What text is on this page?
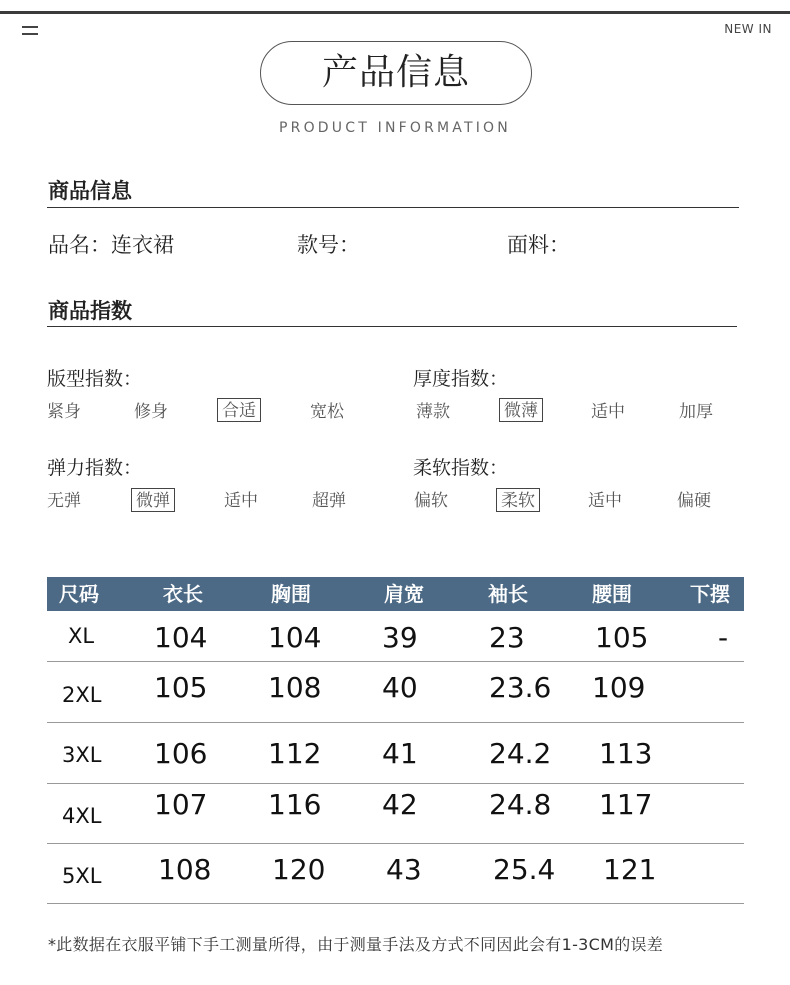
NEW IN
产品信息
PRODUCT INFORMATION
商品信息
品名：连衣裙	款号：	面料：
商品指数
版型指数：
紧身	修身	合适	宽松
厚度指数：
薄款	微薄	适中	加厚
弹力指数：
无弹	微弹	适中	超弹
柔软指数：
偏软	柔软	适中	偏硬
尺码	衣长	胸围	肩宽	袖长	腰围	下摆
XL 104 104 39	23	105 -
2XL 105 108 40	23.6 109
3XL 106 112 41	24.2 113
4XL 107 116 42	24.8 117
5XL 108 120 43	25.4 121
*此数据在衣服平铺下手工测量所得，由于测量手法及方式不同因此会有1-3CM的误差
